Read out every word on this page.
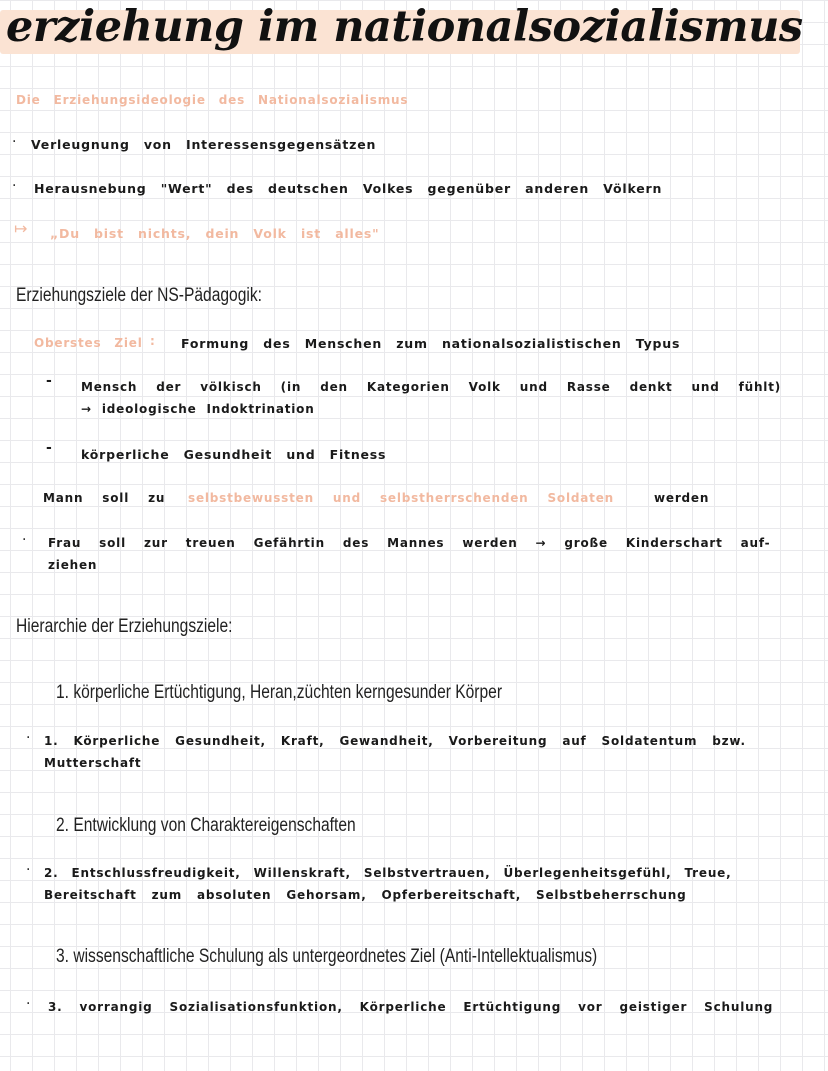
erziehung im nationalsozialismus
Die Erziehungsideologie des Nationalsozialismus
· Verleugnung von Interessensgegensätzen
· Herausnebung "Wert" des deutschen Volkes gegenüber anderen Völkern
↦ „Du bist nichts, dein Volk ist alles"
Erziehungsziele der NS-Pädagogik:
Oberstes Ziel : Formung des Menschen zum nationalsozialistischen Typus
- Mensch der völkisch (in den Kategorien Volk und Rasse denkt und fühlt)
→ ideologische Indoktrination
- körperliche Gesundheit und Fitness
Mann soll zu selbstbewussten und selbstherrschenden Soldaten	werden
· Frau soll zur treuen Gefährtin des Mannes werden → große Kinderschart auf-
ziehen
Hierarchie der Erziehungsziele:
1. körperliche Ertüchtigung, Heran,züchten kerngesunder Körper
· 1. Körperliche Gesundheit, Kraft, Gewandheit, Vorbereitung auf Soldatentum bzw.
Mutterschaft
2. Entwicklung von Charaktereigenschaften
· 2. Entschlussfreudigkeit, Willenskraft, Selbstvertrauen, Überlegenheitsgefühl, Treue,
Bereitschaft zum absoluten Gehorsam, Opferbereitschaft, Selbstbeherrschung
3. wissenschaftliche Schulung als untergeordnetes Ziel (Anti-Intellektualismus)
· 3. vorrangig Sozialisationsfunktion, Körperliche Ertüchtigung vor geistiger Schulung
